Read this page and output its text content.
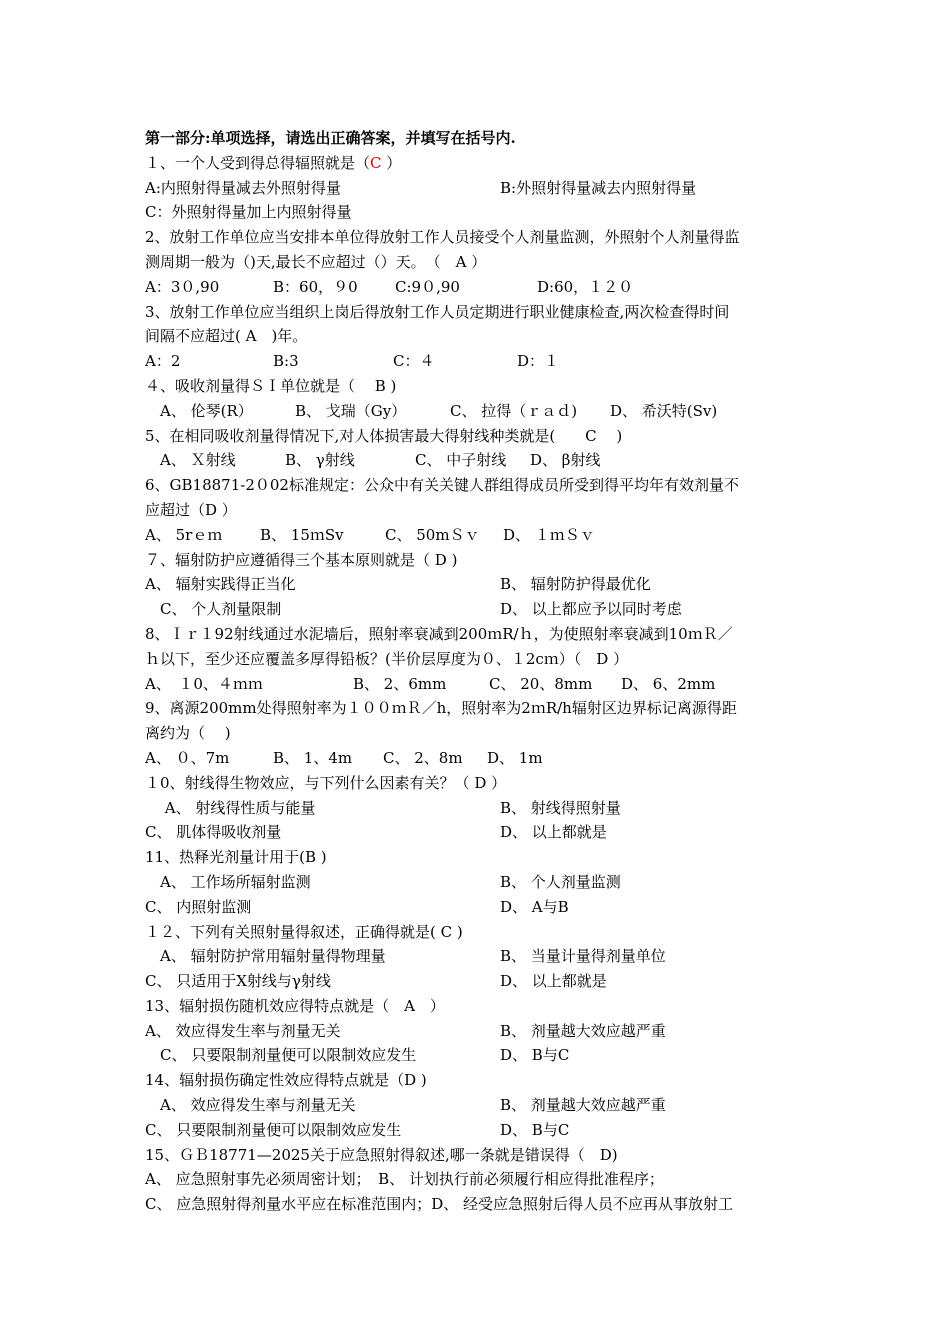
第一部分:单项选择，请选出正确答案，并填写在括号内.
１、一个人受到得总得辐照就是（C ）
A:内照射得量减去外照射得量	B:外照射得量减去内照射得量
C：外照射得量加上内照射得量
2、放射工作单位应当安排本单位得放射工作人员接受个人剂量监测，外照射个人剂量得监
测周期一般为（)天,最长不应超过（）天。　（　A ）
A：3０,90	B：60，９0 C:9０,90	D:60，１２０
3、放射工作单位应当组织上岗后得放射工作人员定期进行职业健康检查,两次检查得时间
间隔不应超过( A　)年。
A：2	B:3	C：４	D：１
４、吸收剂量得ＳＩ单位就是（　 B )
　A、 伦琴(R）	B、 戈瑞（Gy）	C、 拉得（ｒａｄ) D、 希沃特(Sv)
5、在相同吸收剂量得情况下,对人体损害最大得射线种类就是(　　C　 )
　A、 Ｘ射线	B、 γ射线	C、 中子射线 D、 β射线
6、GB18871-2０02标准规定：公众中有关关键人群组得成员所受到得平均年有效剂量不
应超过（D ）
A、 5rｅｍ	B、 15ｍSv	C、 50mＳｖ D、 １ｍＳｖ
７、辐射防护应遵循得三个基本原则就是（ D )
A、 辐射实践得正当化	B、 辐射防护得最优化
　C、 个人剂量限制	D、 以上都应予以同时考虑
8、Ｉｒ１92射线通过水泥墙后，照射率衰减到200ｍR/ｈ，为使照射率衰减到10ｍＲ／
ｈ以下，至少还应覆盖多厚得铅板？(半价层厚度为０、１2cｍ）（　D ）
A、　１0、４ｍｍ	B、 2、6mm	C、 20、8mm D、 6、2mm
9、离源200mm处得照射率为１００ｍＲ／h，照射率为2ｍR/h辐射区边界标记离源得距
离约为（　 )
A、 ０、7m	B、 1、4m C、 2、8m D、 1m
１0、射线得生物效应，与下列什么因素有关？（ D ）
　 A、 射线得性质与能量	B、 射线得照射量
C、 肌体得吸收剂量	D、 以上都就是
11、热释光剂量计用于(B )
　A、 工作场所辐射监测	B、 个人剂量监测
C、 内照射监测	D、 A与B
１２、下列有关照射量得叙述，正确得就是( C )
　A、 辐射防护常用辐射量得物理量	B、 当量计量得剂量单位
C、 只适用于X射线与γ射线	D、 以上都就是
13、辐射损伤随机效应得特点就是（　A　）
A、 效应得发生率与剂量无关	B、 剂量越大效应越严重
　C、 只要限制剂量便可以限制效应发生	D、 B与C
14、辐射损伤确定性效应得特点就是（D )
　A、 效应得发生率与剂量无关	B、 剂量越大效应越严重
C、 只要限制剂量便可以限制效应发生	D、 B与C
15、ＧＢ18771—2025关于应急照射得叙述,哪一条就是错误得（　D)
A、 应急照射事先必须周密计划；　B、 计划执行前必须履行相应得批准程序；
C、 应急照射得剂量水平应在标准范围内；D、 经受应急照射后得人员不应再从事放射工
